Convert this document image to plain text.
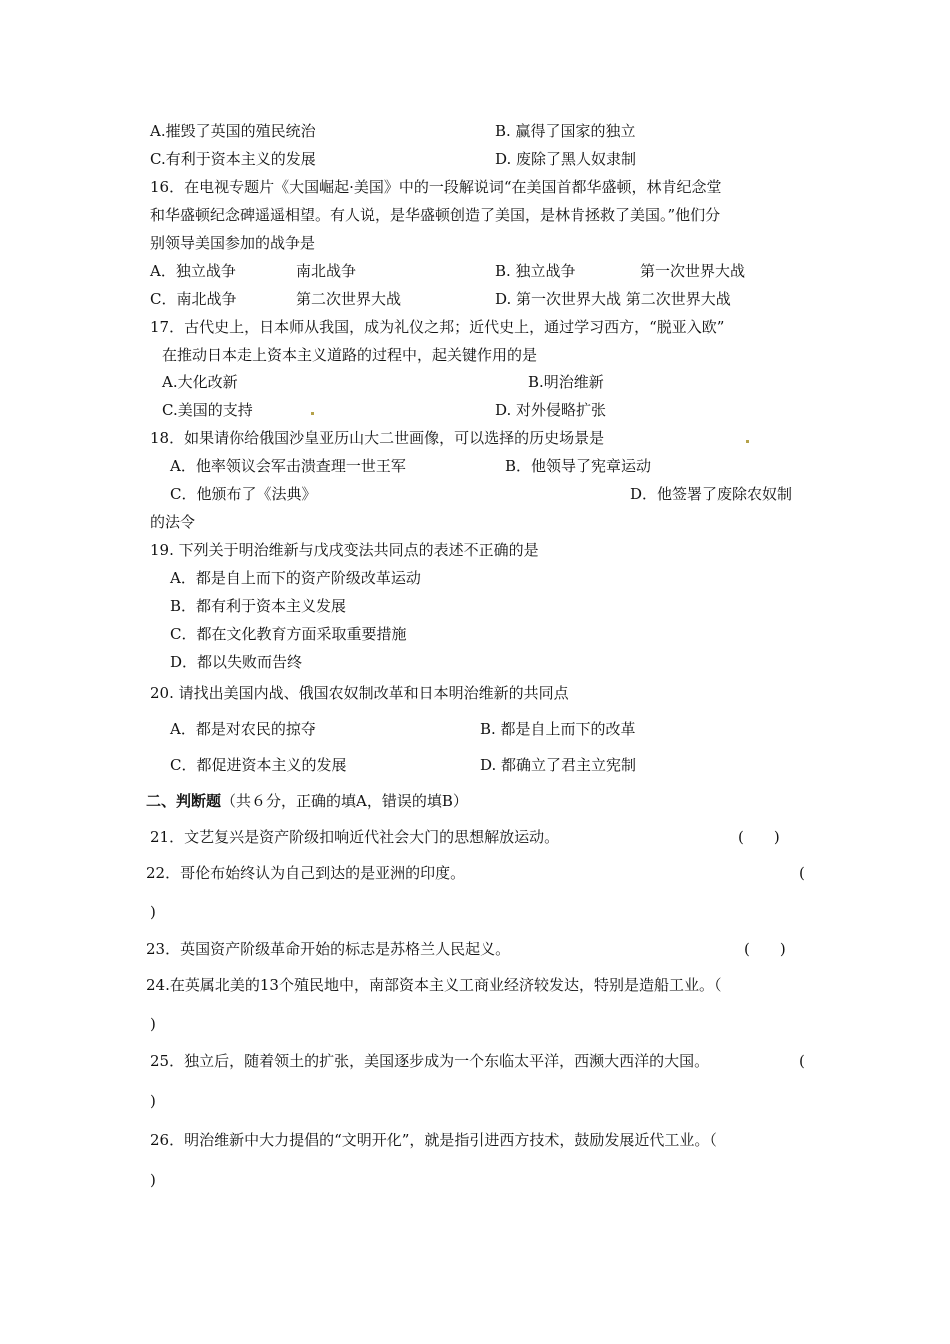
A.摧毁了英国的殖民统治	B. 赢得了国家的独立
C.有利于资本主义的发展	D. 废除了黑人奴隶制
16．在电视专题片《大国崛起·美国》中的一段解说词“在美国首都华盛顿，林肯纪念堂
和华盛顿纪念碑遥遥相望。有人说，是华盛顿创造了美国，是林肯拯救了美国。”他们分
别领导美国参加的战争是
A．独立战争	南北战争	B. 独立战争	第一次世界大战
C．南北战争	第二次世界大战	D. 第一次世界大战 第二次世界大战
17．古代史上，日本师从我国，成为礼仪之邦；近代史上，通过学习西方，“脱亚入欧”
在推动日本走上资本主义道路的过程中，起关键作用的是
A.大化改新	B.明治维新
C.美国的支持	D. 对外侵略扩张
18．如果请你给俄国沙皇亚历山大二世画像，可以选择的历史场景是
A．他率领议会军击溃查理一世王军	B．他领导了宪章运动
C．他颁布了《法典》	D．他签署了废除农奴制
的法令
19. 下列关于明治维新与戊戌变法共同点的表述不正确的是
A．都是自上而下的资产阶级改革运动
B．都有利于资本主义发展
C．都在文化教育方面采取重要措施
D．都以失败而告终
20. 请找出美国内战、俄国农奴制改革和日本明治维新的共同点
A．都是对农民的掠夺	B. 都是自上而下的改革
C．都促进资本主义的发展	D. 都确立了君主立宪制
二、判断题（共６分，正确的填A，错误的填B）
21．文艺复兴是资产阶级扣响近代社会大门的思想解放运动。	(　　)
22．哥伦布始终认为自己到达的是亚洲的印度。	(
)
23．英国资产阶级革命开始的标志是苏格兰人民起义。	(　　)
24.在英属北美的13个殖民地中，南部资本主义工商业经济较发达，特别是造船工业。（
)
25．独立后，随着领土的扩张，美国逐步成为一个东临太平洋，西濒大西洋的大国。	(
)
26．明治维新中大力提倡的“文明开化”，就是指引进西方技术，鼓励发展近代工业。（
)
